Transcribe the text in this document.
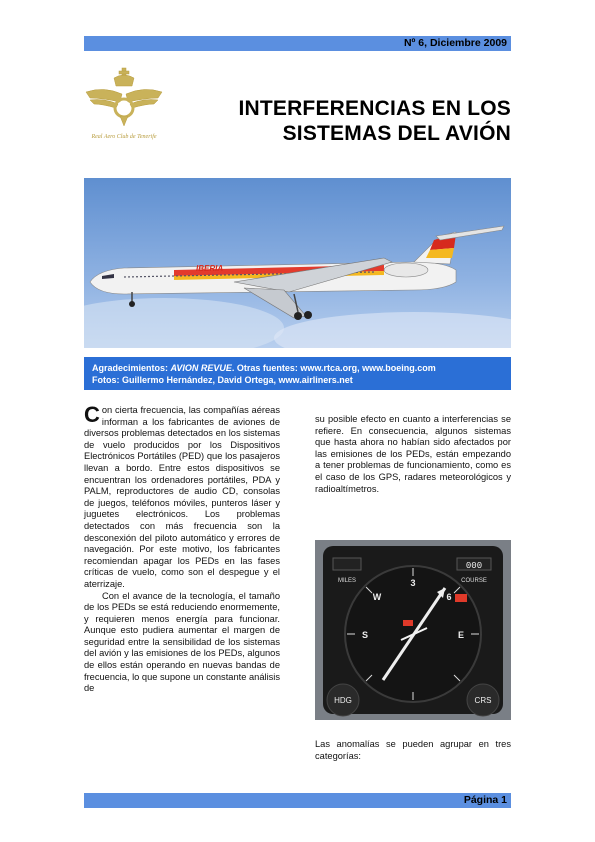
Nº 6, Diciembre 2009
Real Aero Club de Tenerife
INTERFERENCIAS EN LOS
SISTEMAS DEL AVIÓN
IBERIA
Agradecimientos: AVION REVUE. Otras fuentes: www.rtca.org, www.boeing.com
Fotos: Guillermo Hernández, David Ortega, www.airliners.net

Con cierta frecuencia, las compañías aéreas informan a los fabricantes de aviones de diversos problemas detectados en los sistemas de vuelo producidos por los Dispositivos Electrónicos Portátiles (PED) que los pasajeros llevan a bordo. Entre estos dispositivos se encuentran los ordenadores portátiles, PDA y PALM, reproductores de audio CD, consolas de juegos, teléfonos móviles, punteros láser y juguetes electrónicos. Los problemas detectados con más frecuencia son la desconexión del piloto automático y errores de navegación. Por este motivo, los fabricantes recomiendan apagar los PEDs en las fases críticas de vuelo, como son el despegue y el aterrizaje.

Con el avance de la tecnología, el tamaño de los PEDs se está reduciendo enormemente, y requieren menos energía para funcionar. Aunque esto pudiera aumentar el margen de seguridad entre la sensibilidad de los sistemas del avión y las emisiones de los PEDs, algunos de ellos están operando en nuevas bandas de frecuencia, lo que supone un constante análisis de

su posible efecto en cuanto a interferencias se refiere. En consecuencia, algunos sistemas que hasta ahora no habían sido afectados por las emisiones de los PEDs, están empezando a tener problemas de funcionamiento, como es el caso de los GPS, radares meteorológicos y radioaltímetros.

3
W	6
S	E
MILES
000
COURSE
HDG	CRS

Las anomalías se pueden agrupar en tres categorías:

Página 1
